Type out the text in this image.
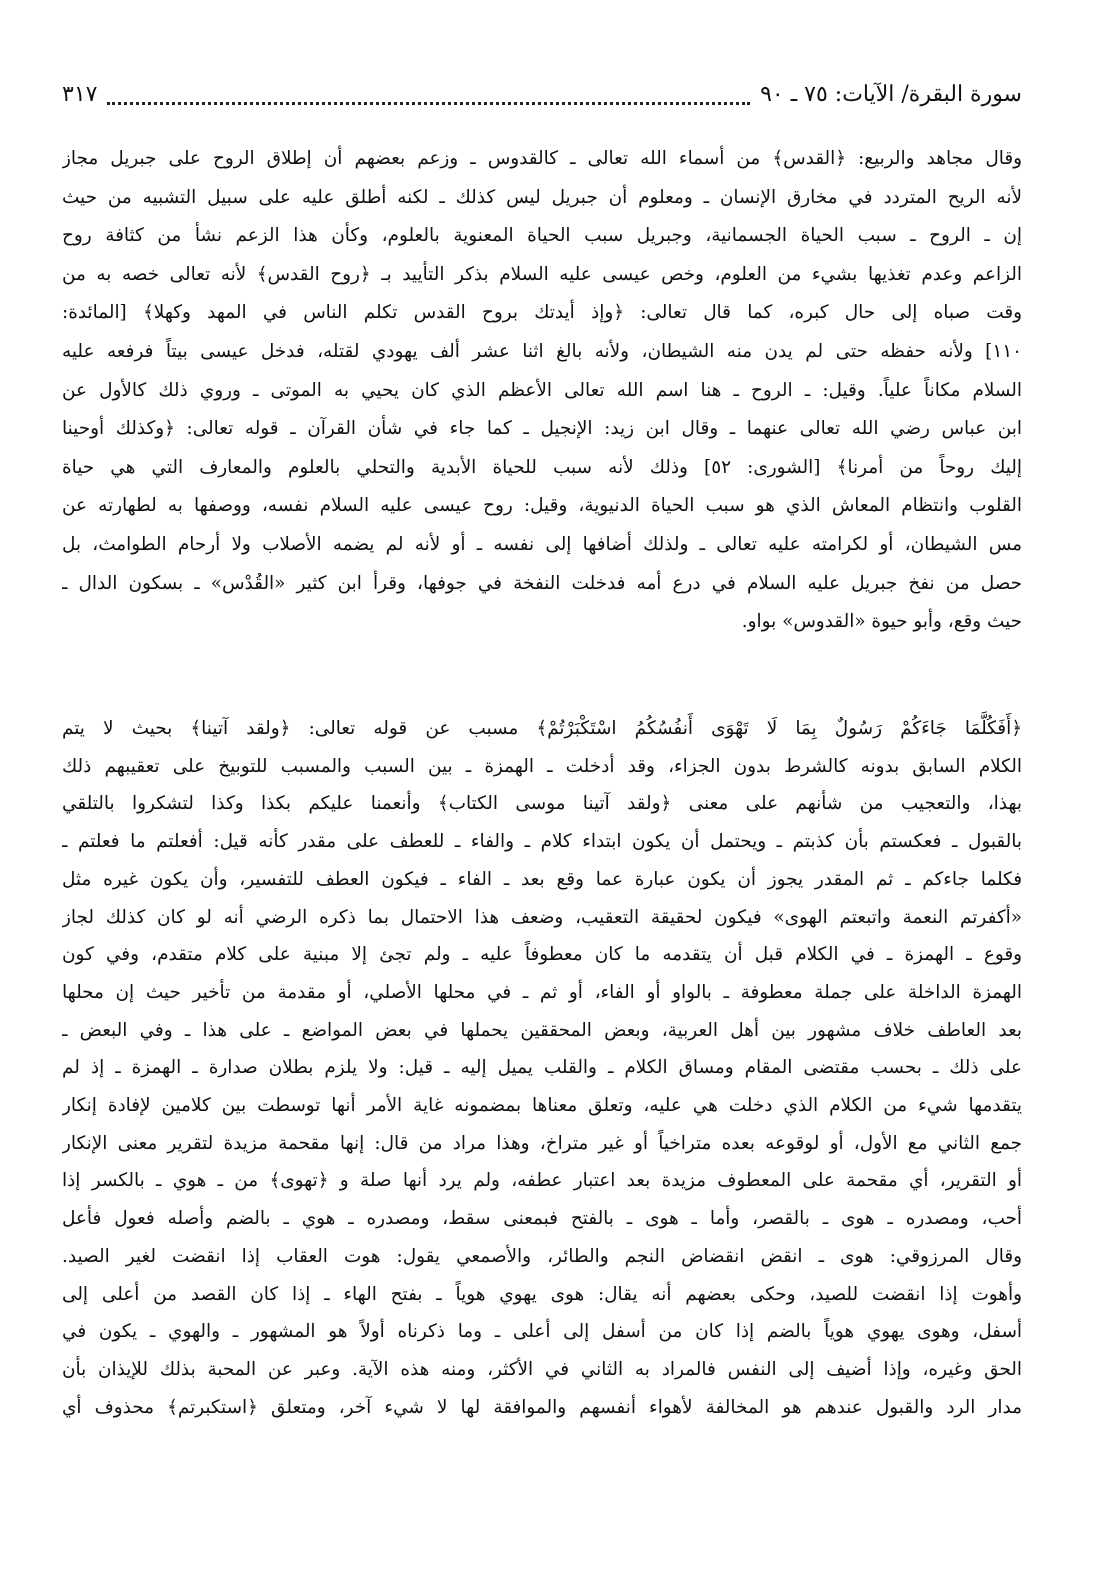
سورة البقرة/ الآيات: ٧٥ ـ ٩٠
٣١٧
وقال مجاهد والربيع: ﴿القدس﴾ من أسماء الله تعالى ـ كالقدوس ـ وزعم بعضهم أن إطلاق الروح على جبريل مجاز
لأنه الريح المتردد في مخارق الإنسان ـ ومعلوم أن جبريل ليس كذلك ـ لكنه أطلق عليه على سبيل التشبيه من حيث
إن ـ الروح ـ سبب الحياة الجسمانية، وجبريل سبب الحياة المعنوية بالعلوم، وكأن هذا الزعم نشأ من كثافة روح
الزاعم وعدم تغذيها بشيء من العلوم، وخص عيسى عليه السلام بذكر التأييد بـ ﴿روح القدس﴾ لأنه تعالى خصه به من
وقت صباه إلى حال كبره، كما قال تعالى: ﴿وإذ أيدتك بروح القدس تكلم الناس في المهد وكهلا﴾ [المائدة:
١١٠] ولأنه حفظه حتى لم يدن منه الشيطان، ولأنه بالغ اثنا عشر ألف يهودي لقتله، فدخل عيسى بيتاً فرفعه عليه
السلام مكاناً علياً. وقيل: ـ الروح ـ هنا اسم الله تعالى الأعظم الذي كان يحيي به الموتى ـ وروي ذلك كالأول عن
ابن عباس رضي الله تعالى عنهما ـ وقال ابن زيد: الإنجيل ـ كما جاء في شأن القرآن ـ قوله تعالى: ﴿وكذلك أوحينا
إليك روحاً من أمرنا﴾ [الشورى: ٥٢] وذلك لأنه سبب للحياة الأبدية والتحلي بالعلوم والمعارف التي هي حياة
القلوب وانتظام المعاش الذي هو سبب الحياة الدنيوية، وقيل: روح عيسى عليه السلام نفسه، ووصفها به لطهارته عن
مس الشيطان، أو لكرامته عليه تعالى ـ ولذلك أضافها إلى نفسه ـ أو لأنه لم يضمه الأصلاب ولا أرحام الطوامث، بل
حصل من نفخ جبريل عليه السلام في درع أمه فدخلت النفخة في جوفها، وقرأ ابن كثير «القُدْس» ـ بسكون الدال ـ
حيث وقع، وأبو حيوة «القدوس» بواو.
﴿أَفَكُلَّمَا جَاءَكُمْ رَسُولٌ بِمَا لَا تَهْوَى أَنفُسُكُمُ اسْتَكْبَرْتُمْ﴾ مسبب عن قوله تعالى: ﴿ولقد آتينا﴾ بحيث لا يتم
الكلام السابق بدونه كالشرط بدون الجزاء، وقد أدخلت ـ الهمزة ـ بين السبب والمسبب للتوبيخ على تعقيبهم ذلك
بهذا، والتعجيب من شأنهم على معنى ﴿ولقد آتينا موسى الكتاب﴾ وأنعمنا عليكم بكذا وكذا لتشكروا بالتلقي
بالقبول ـ فعكستم بأن كذبتم ـ ويحتمل أن يكون ابتداء كلام ـ والفاء ـ للعطف على مقدر كأنه قيل: أفعلتم ما فعلتم ـ
فكلما جاءكم ـ ثم المقدر يجوز أن يكون عبارة عما وقع بعد ـ الفاء ـ فيكون العطف للتفسير، وأن يكون غيره مثل
«أكفرتم النعمة واتبعتم الهوى» فيكون لحقيقة التعقيب، وضعف هذا الاحتمال بما ذكره الرضي أنه لو كان كذلك لجاز
وقوع ـ الهمزة ـ في الكلام قبل أن يتقدمه ما كان معطوفاً عليه ـ ولم تجئ إلا مبنية على كلام متقدم، وفي كون
الهمزة الداخلة على جملة معطوفة ـ بالواو أو الفاء، أو ثم ـ في محلها الأصلي، أو مقدمة من تأخير حيث إن محلها
بعد العاطف خلاف مشهور بين أهل العربية، وبعض المحققين يحملها في بعض المواضع ـ على هذا ـ وفي البعض ـ
على ذلك ـ بحسب مقتضى المقام ومساق الكلام ـ والقلب يميل إليه ـ قيل: ولا يلزم بطلان صدارة ـ الهمزة ـ إذ لم
يتقدمها شيء من الكلام الذي دخلت هي عليه، وتعلق معناها بمضمونه غاية الأمر أنها توسطت بين كلامين لإفادة إنكار
جمع الثاني مع الأول، أو لوقوعه بعده متراخياً أو غير متراخ، وهذا مراد من قال: إنها مقحمة مزيدة لتقرير معنى الإنكار
أو التقرير، أي مقحمة على المعطوف مزيدة بعد اعتبار عطفه، ولم يرد أنها صلة و ﴿تهوى﴾ من ـ هوي ـ بالكسر إذا
أحب، ومصدره ـ هوى ـ بالقصر، وأما ـ هوى ـ بالفتح فبمعنى سقط، ومصدره ـ هوي ـ بالضم وأصله فعول فأعل
وقال المرزوقي: هوى ـ انقض انقضاض النجم والطائر، والأصمعي يقول: هوت العقاب إذا انقضت لغير الصيد.
وأهوت إذا انقضت للصيد، وحكى بعضهم أنه يقال: هوى يهوي هوياً ـ بفتح الهاء ـ إذا كان القصد من أعلى إلى
أسفل، وهوى يهوي هوياً بالضم إذا كان من أسفل إلى أعلى ـ وما ذكرناه أولاً هو المشهور ـ والهوي ـ يكون في
الحق وغيره، وإذا أضيف إلى النفس فالمراد به الثاني في الأكثر، ومنه هذه الآية. وعبر عن المحبة بذلك للإيذان بأن
مدار الرد والقبول عندهم هو المخالفة لأهواء أنفسهم والموافقة لها لا شيء آخر، ومتعلق ﴿استكبرتم﴾ محذوف أي
